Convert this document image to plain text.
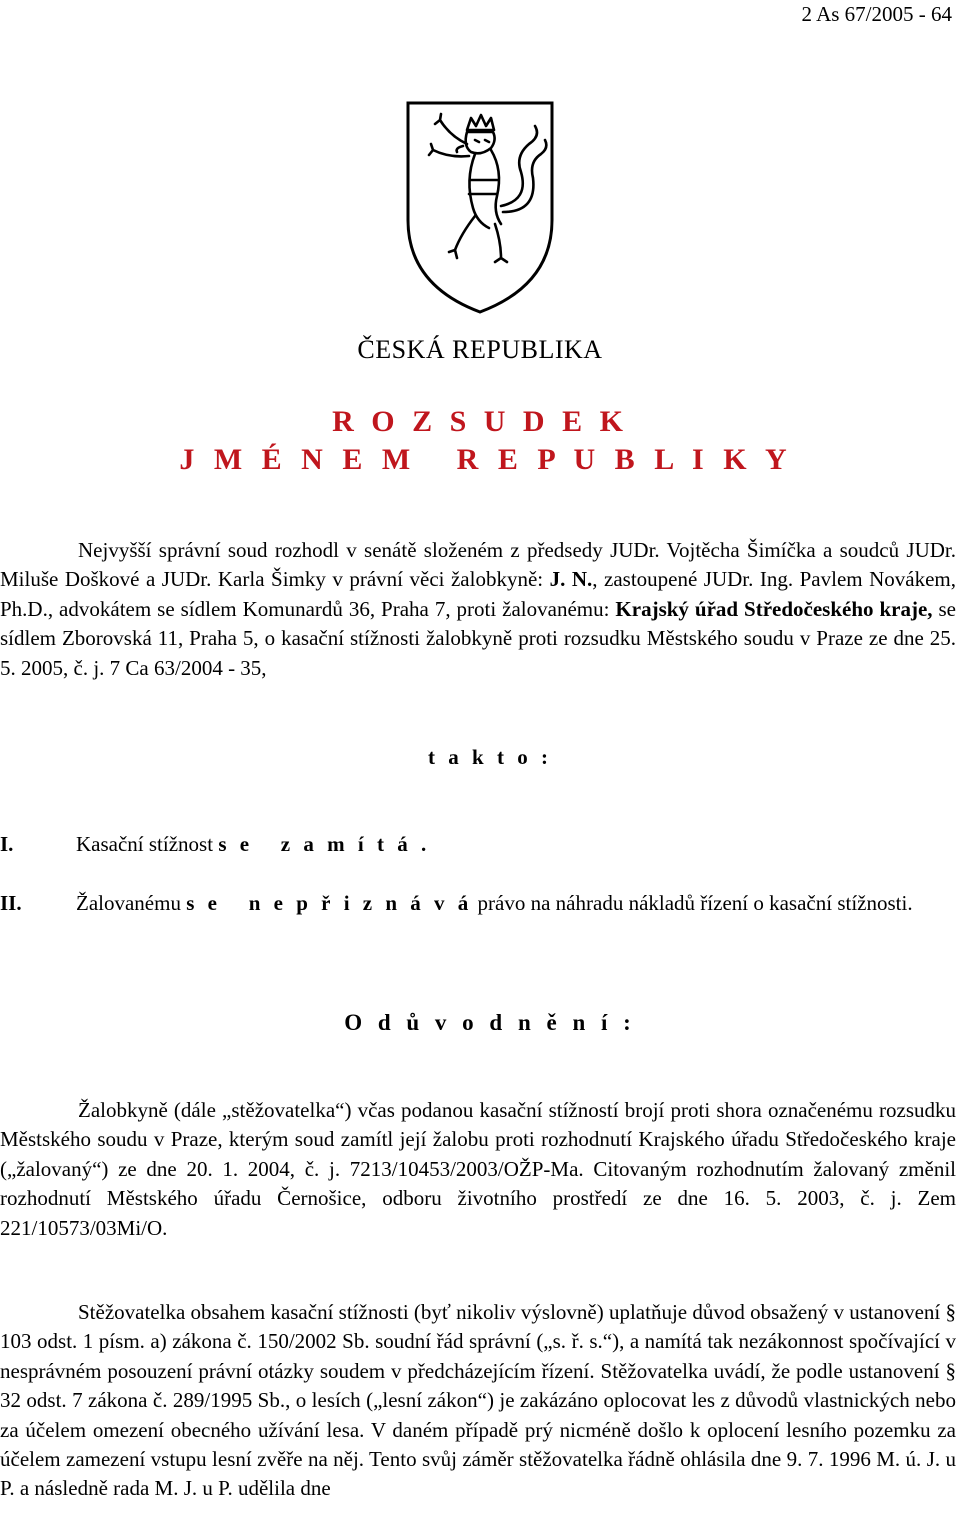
2 As 67/2005 - 64
ČESKÁ REPUBLIKA
R O Z S U D E K
J M É N E M   R E P U B L I K Y
Nejvyšší správní soud rozhodl v senátě složeném z předsedy JUDr. Vojtěcha Šimíčka a soudců JUDr. Miluše Doškové a JUDr. Karla Šimky v právní věci žalobkyně: J. N., zastoupené JUDr. Ing. Pavlem Novákem, Ph.D., advokátem se sídlem Komunardů 36, Praha 7, proti žalovanému: Krajský úřad Středočeského kraje, se sídlem Zborovská 11, Praha 5, o kasační stížnosti žalobkyně proti rozsudku Městského soudu v Praze ze dne 25. 5. 2005, č. j. 7 Ca 63/2004 - 35,
t a k t o :
I.	Kasační stížnost s e   z a m í t á .
II.	Žalovanému s e   n e p ř i z n á v á právo na náhradu nákladů řízení o kasační stížnosti.
O d ů v o d n ě n í :
Žalobkyně (dále „stěžovatelka“) včas podanou kasační stížností brojí proti shora označenému rozsudku Městského soudu v Praze, kterým soud zamítl její žalobu proti rozhodnutí Krajského úřadu Středočeského kraje („žalovaný“) ze dne 20. 1. 2004, č. j. 7213/10453/2003/OŽP-Ma. Citovaným rozhodnutím žalovaný změnil rozhodnutí Městského úřadu Černošice, odboru životního prostředí ze dne 16. 5. 2003, č. j. Zem 221/10573/03Mi/O.
Stěžovatelka obsahem kasační stížnosti (byť nikoliv výslovně) uplatňuje důvod obsažený v ustanovení § 103 odst. 1 písm. a) zákona č. 150/2002 Sb. soudní řád správní („s. ř. s.“), a namítá tak nezákonnost spočívající v nesprávném posouzení právní otázky soudem v předcházejícím řízení. Stěžovatelka uvádí, že podle ustanovení § 32 odst. 7 zákona č. 289/1995 Sb., o lesích („lesní zákon“) je zakázáno oplocovat les z důvodů vlastnických nebo za účelem omezení obecného užívání lesa. V daném případě prý nicméně došlo k oplocení lesního pozemku za účelem zamezení vstupu lesní zvěře na něj. Tento svůj záměr stěžovatelka řádně ohlásila dne 9. 7. 1996 M. ú. J. u P. a následně rada M. J. u P. udělila dne
